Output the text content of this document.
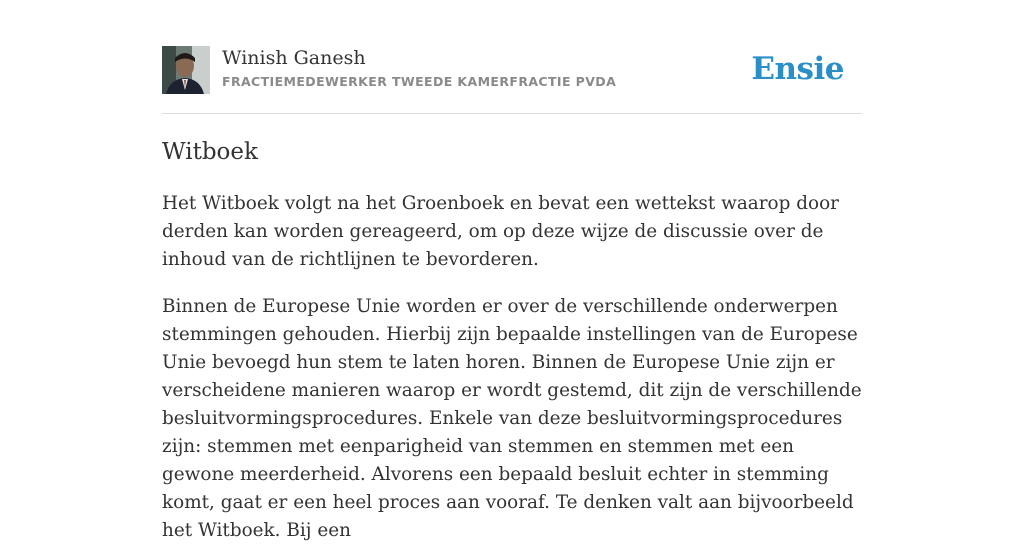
Winish Ganesh
FRACTIEMEDEWERKER TWEEDE KAMERFRACTIE PVDA	Ensie
Witboek

Het Witboek volgt na het Groenboek en bevat een wettekst waarop door derden kan worden gereageerd, om op deze wijze de discussie over de inhoud van de richtlijnen te bevorderen.

Binnen de Europese Unie worden er over de verschillende onderwerpen stemmingen gehouden. Hierbij zijn bepaalde instellingen van de Europese Unie bevoegd hun stem te laten horen. Binnen de Europese Unie zijn er verscheidene manieren waarop er wordt gestemd, dit zijn de verschillende besluitvormingsprocedures. Enkele van deze besluitvormingsprocedures zijn: stemmen met eenparigheid van stemmen en stemmen met een gewone meerderheid. Alvorens een bepaald besluit echter in stemming komt, gaat er een heel proces aan vooraf. Te denken valt aan bijvoorbeeld het Witboek. Bij een
